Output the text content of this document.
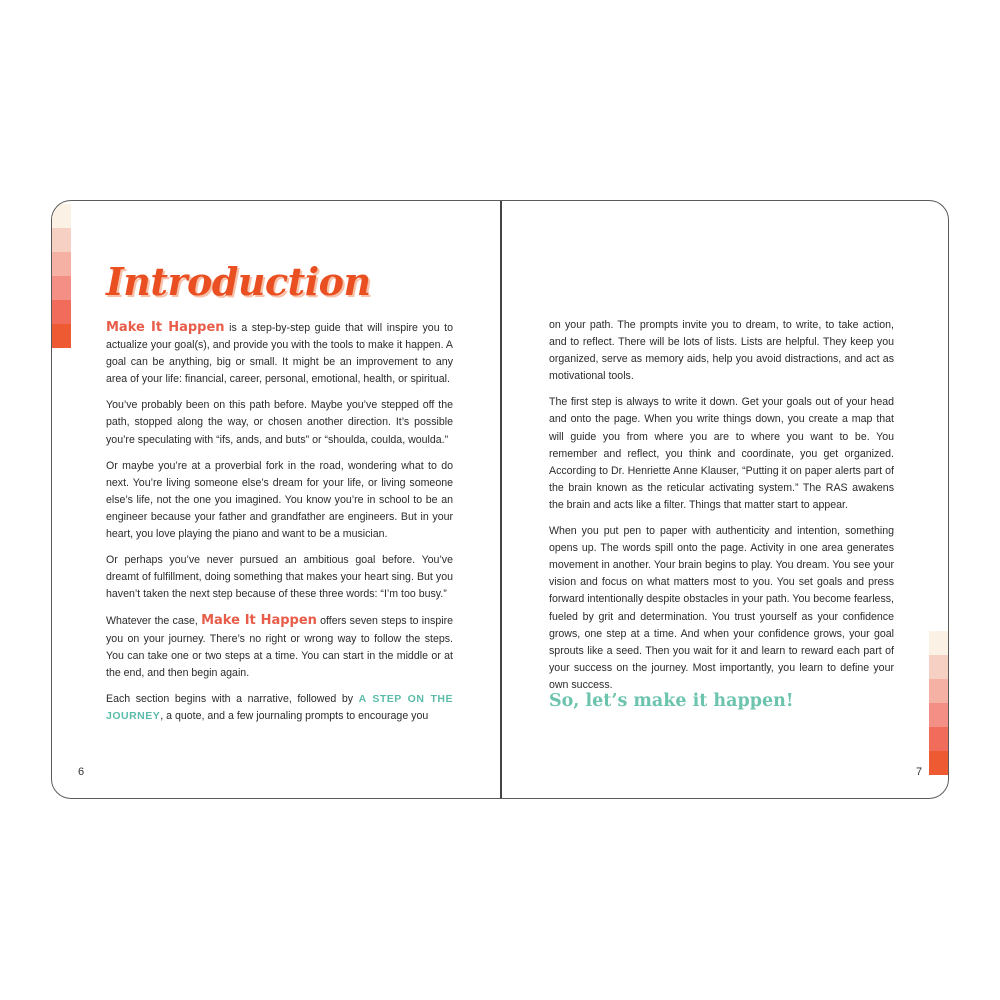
Introduction

Make It Happen is a step-by-step guide that will inspire you to actualize your goal(s), and provide you with the tools to make it happen. A goal can be anything, big or small. It might be an improvement to any area of your life: financial, career, personal, emotional, health, or spiritual.

You’ve probably been on this path before. Maybe you’ve stepped off the path, stopped along the way, or chosen another direction. It’s possible you’re speculating with “ifs, ands, and buts” or “shoulda, coulda, woulda.”

Or maybe you’re at a proverbial fork in the road, wondering what to do next. You’re living someone else’s dream for your life, or living someone else’s life, not the one you imagined. You know you’re in school to be an engineer because your father and grandfather are engineers. But in your heart, you love playing the piano and want to be a musician.

Or perhaps you’ve never pursued an ambitious goal before. You’ve dreamt of fulfillment, doing something that makes your heart sing. But you haven’t taken the next step because of these three words: “I’m too busy.”

Whatever the case, Make It Happen offers seven steps to inspire you on your journey. There’s no right or wrong way to follow the steps. You can take one or two steps at a time. You can start in the middle or at the end, and then begin again.

Each section begins with a narrative, followed by A STEP ON THE JOURNEY, a quote, and a few journaling prompts to encourage you

6

on your path. The prompts invite you to dream, to write, to take action, and to reflect. There will be lots of lists. Lists are helpful. They keep you organized, serve as memory aids, help you avoid distractions, and act as motivational tools.

The first step is always to write it down. Get your goals out of your head and onto the page. When you write things down, you create a map that will guide you from where you are to where you want to be. You remember and reflect, you think and coordinate, you get organized. According to Dr. Henriette Anne Klauser, “Putting it on paper alerts part of the brain known as the reticular activating system.” The RAS awakens the brain and acts like a filter. Things that matter start to appear.

When you put pen to paper with authenticity and intention, something opens up. The words spill onto the page. Activity in one area generates movement in another. Your brain begins to play. You dream. You see your vision and focus on what matters most to you. You set goals and press forward intentionally despite obstacles in your path. You become fearless, fueled by grit and determination. You trust yourself as your confidence grows, one step at a time. And when your confidence grows, your goal sprouts like a seed. Then you wait for it and learn to reward each part of your success on the journey. Most importantly, you learn to define your own success.

So, let’s make it happen!
7
